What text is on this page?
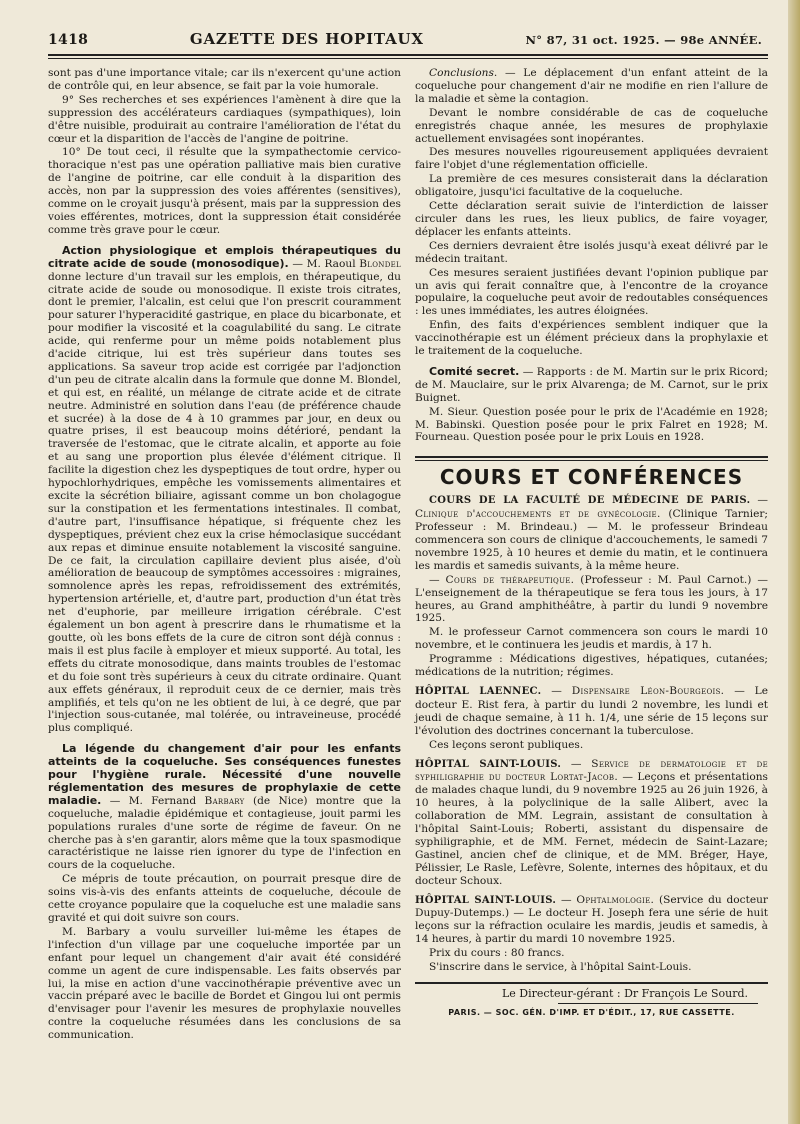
1418	GAZETTE DES HOPITAUX	N° 87, 31 oct. 1925. — 98e ANNÉE.

sont pas d'une importance vitale; car ils n'exercent qu'une action de contrôle qui, en leur absence, se fait par la voie humorale.

9° Ses recherches et ses expériences l'amènent à dire que la suppression des accélérateurs cardiaques (sympathiques), loin d'être nuisible, produirait au contraire l'amélioration de l'état du cœur et la disparition de l'accès de l'angine de poitrine.

10° De tout ceci, il résulte que la sympathectomie cervico-thoracique n'est pas une opération palliative mais bien curative de l'angine de poitrine, car elle conduit à la disparition des accès, non par la suppression des voies afférentes (sensitives), comme on le croyait jusqu'à présent, mais par la suppression des voies efférentes, motrices, dont la suppression était considérée comme très grave pour le cœur.

Action physiologique et emplois thérapeutiques du citrate acide de soude (monosodique). — M. Raoul Blondel donne lecture d'un travail sur les emplois, en thérapeutique, du citrate acide de soude ou monosodique. Il existe trois citrates, dont le premier, l'alcalin, est celui que l'on prescrit couramment pour saturer l'hyperacidité gastrique, en place du bicarbonate, et pour modifier la viscosité et la coagulabilité du sang. Le citrate acide, qui renferme pour un même poids notablement plus d'acide citrique, lui est très supérieur dans toutes ses applications. Sa saveur trop acide est corrigée par l'adjonction d'un peu de citrate alcalin dans la formule que donne M. Blondel, et qui est, en réalité, un mélange de citrate acide et de citrate neutre. Administré en solution dans l'eau (de préférence chaude et sucrée) à la dose de 4 à 10 grammes par jour, en deux ou quatre prises, il est beaucoup moins détérioré, pendant la traversée de l'estomac, que le citrate alcalin, et apporte au foie et au sang une proportion plus élevée d'élément citrique. Il facilite la digestion chez les dyspeptiques de tout ordre, hyper ou hypochlorhydriques, empêche les vomissements alimentaires et excite la sécrétion biliaire, agissant comme un bon cholagogue sur la constipation et les fermentations intestinales. Il combat, d'autre part, l'insuffisance hépatique, si fréquente chez les dyspeptiques, prévient chez eux la crise hémoclasique succédant aux repas et diminue ensuite notablement la viscosité sanguine. De ce fait, la circulation capillaire devient plus aisée, d'où amélioration de beaucoup de symptômes accessoires : migraines, somnolence après les repas, refroidissement des extrémités, hypertension artérielle, et, d'autre part, production d'un état très net d'euphorie, par meilleure irrigation cérébrale. C'est également un bon agent à prescrire dans le rhumatisme et la goutte, où les bons effets de la cure de citron sont déjà connus : mais il est plus facile à employer et mieux supporté. Au total, les effets du citrate monosodique, dans maints troubles de l'estomac et du foie sont très supérieurs à ceux du citrate ordinaire. Quant aux effets généraux, il reproduit ceux de ce dernier, mais très amplifiés, et tels qu'on ne les obtient de lui, à ce degré, que par l'injection sous-cutanée, mal tolérée, ou intraveineuse, procédé plus compliqué.

La légende du changement d'air pour les enfants atteints de la coqueluche. Ses conséquences funestes pour l'hygiène rurale. Nécessité d'une nouvelle réglementation des mesures de prophylaxie de cette maladie. — M. Fernand Barbary (de Nice) montre que la coqueluche, maladie épidémique et contagieuse, jouit parmi les populations rurales d'une sorte de régime de faveur. On ne cherche pas à s'en garantir, alors même que la toux spasmodique caractéristique ne laisse rien ignorer du type de l'infection en cours de la coqueluche.

Ce mépris de toute précaution, on pourrait presque dire de soins vis-à-vis des enfants atteints de coqueluche, découle de cette croyance populaire que la coqueluche est une maladie sans gravité et qui doit suivre son cours.

M. Barbary a voulu surveiller lui-même les étapes de l'infection d'un village par une coqueluche importée par un enfant pour lequel un changement d'air avait été considéré comme un agent de cure indispensable. Les faits observés par lui, la mise en action d'une vaccinothérapie préventive avec un vaccin préparé avec le bacille de Bordet et Gingou lui ont permis d'envisager pour l'avenir les mesures de prophylaxie nouvelles contre la coqueluche résumées dans les conclusions de sa communication.

Conclusions. — Le déplacement d'un enfant atteint de la coqueluche pour changement d'air ne modifie en rien l'allure de la maladie et sème la contagion.

Devant le nombre considérable de cas de coqueluche enregistrés chaque année, les mesures de prophylaxie actuellement envisagées sont inopérantes.

Des mesures nouvelles rigoureusement appliquées devraient faire l'objet d'une réglementation officielle.

La première de ces mesures consisterait dans la déclaration obligatoire, jusqu'ici facultative de la coqueluche.

Cette déclaration serait suivie de l'interdiction de laisser circuler dans les rues, les lieux publics, de faire voyager, déplacer les enfants atteints.

Ces derniers devraient être isolés jusqu'à exeat délivré par le médecin traitant.

Ces mesures seraient justifiées devant l'opinion publique par un avis qui ferait connaître que, à l'encontre de la croyance populaire, la coqueluche peut avoir de redoutables conséquences : les unes immédiates, les autres éloignées.

Enfin, des faits d'expériences semblent indiquer que la vaccinothérapie est un élément précieux dans la prophylaxie et le traitement de la coqueluche.

Comité secret. — Rapports : de M. Martin sur le prix Ricord; de M. Mauclaire, sur le prix Alvarenga; de M. Carnot, sur le prix Buignet.

M. Sieur. Question posée pour le prix de l'Académie en 1928; M. Babinski. Question posée pour le prix Falret en 1928; M. Fourneau. Question posée pour le prix Louis en 1928.

COURS ET CONFÉRENCES

COURS DE LA FACULTÉ DE MÉDECINE DE PARIS. — Clinique d'accouchements et de gynécologie. (Clinique Tarnier; Professeur : M. Brindeau.) — M. le professeur Brindeau commencera son cours de clinique d'accouchements, le samedi 7 novembre 1925, à 10 heures et demie du matin, et le continuera les mardis et samedis suivants, à la même heure.

— Cours de thérapeutique. (Professeur : M. Paul Carnot.) — L'enseignement de la thérapeutique se fera tous les jours, à 17 heures, au Grand amphithéâtre, à partir du lundi 9 novembre 1925.

M. le professeur Carnot commencera son cours le mardi 10 novembre, et le continuera les jeudis et mardis, à 17 h.

Programme : Médications digestives, hépatiques, cutanées; médications de la nutrition; régimes.

HÔPITAL LAENNEC. — Dispensaire Léon-Bourgeois. — Le docteur E. Rist fera, à partir du lundi 2 novembre, les lundi et jeudi de chaque semaine, à 11 h. 1/4, une série de 15 leçons sur l'évolution des doctrines concernant la tuberculose.

Ces leçons seront publiques.

HÔPITAL SAINT-LOUIS. — Service de dermatologie et de syphiligraphie du docteur Lortat-Jacob. — Leçons et présentations de malades chaque lundi, du 9 novembre 1925 au 26 juin 1926, à 10 heures, à la polyclinique de la salle Alibert, avec la collaboration de MM. Legrain, assistant de consultation à l'hôpital Saint-Louis; Roberti, assistant du dispensaire de syphiligraphie, et de MM. Fernet, médecin de Saint-Lazare; Gastinel, ancien chef de clinique, et de MM. Bréger, Haye, Pélissier, Le Rasle, Lefèvre, Solente, internes des hôpitaux, et du docteur Schoux.

HÔPITAL SAINT-LOUIS. — Ophtalmologie. (Service du docteur Dupuy-Dutemps.) — Le docteur H. Joseph fera une série de huit leçons sur la réfraction oculaire les mardis, jeudis et samedis, à 14 heures, à partir du mardi 10 novembre 1925.

Prix du cours : 80 francs.

S'inscrire dans le service, à l'hôpital Saint-Louis.

Le Directeur-gérant : Dr François Le Sourd.
PARIS. — SOC. GÉN. D'IMP. ET D'ÉDIT., 17, RUE CASSETTE.
